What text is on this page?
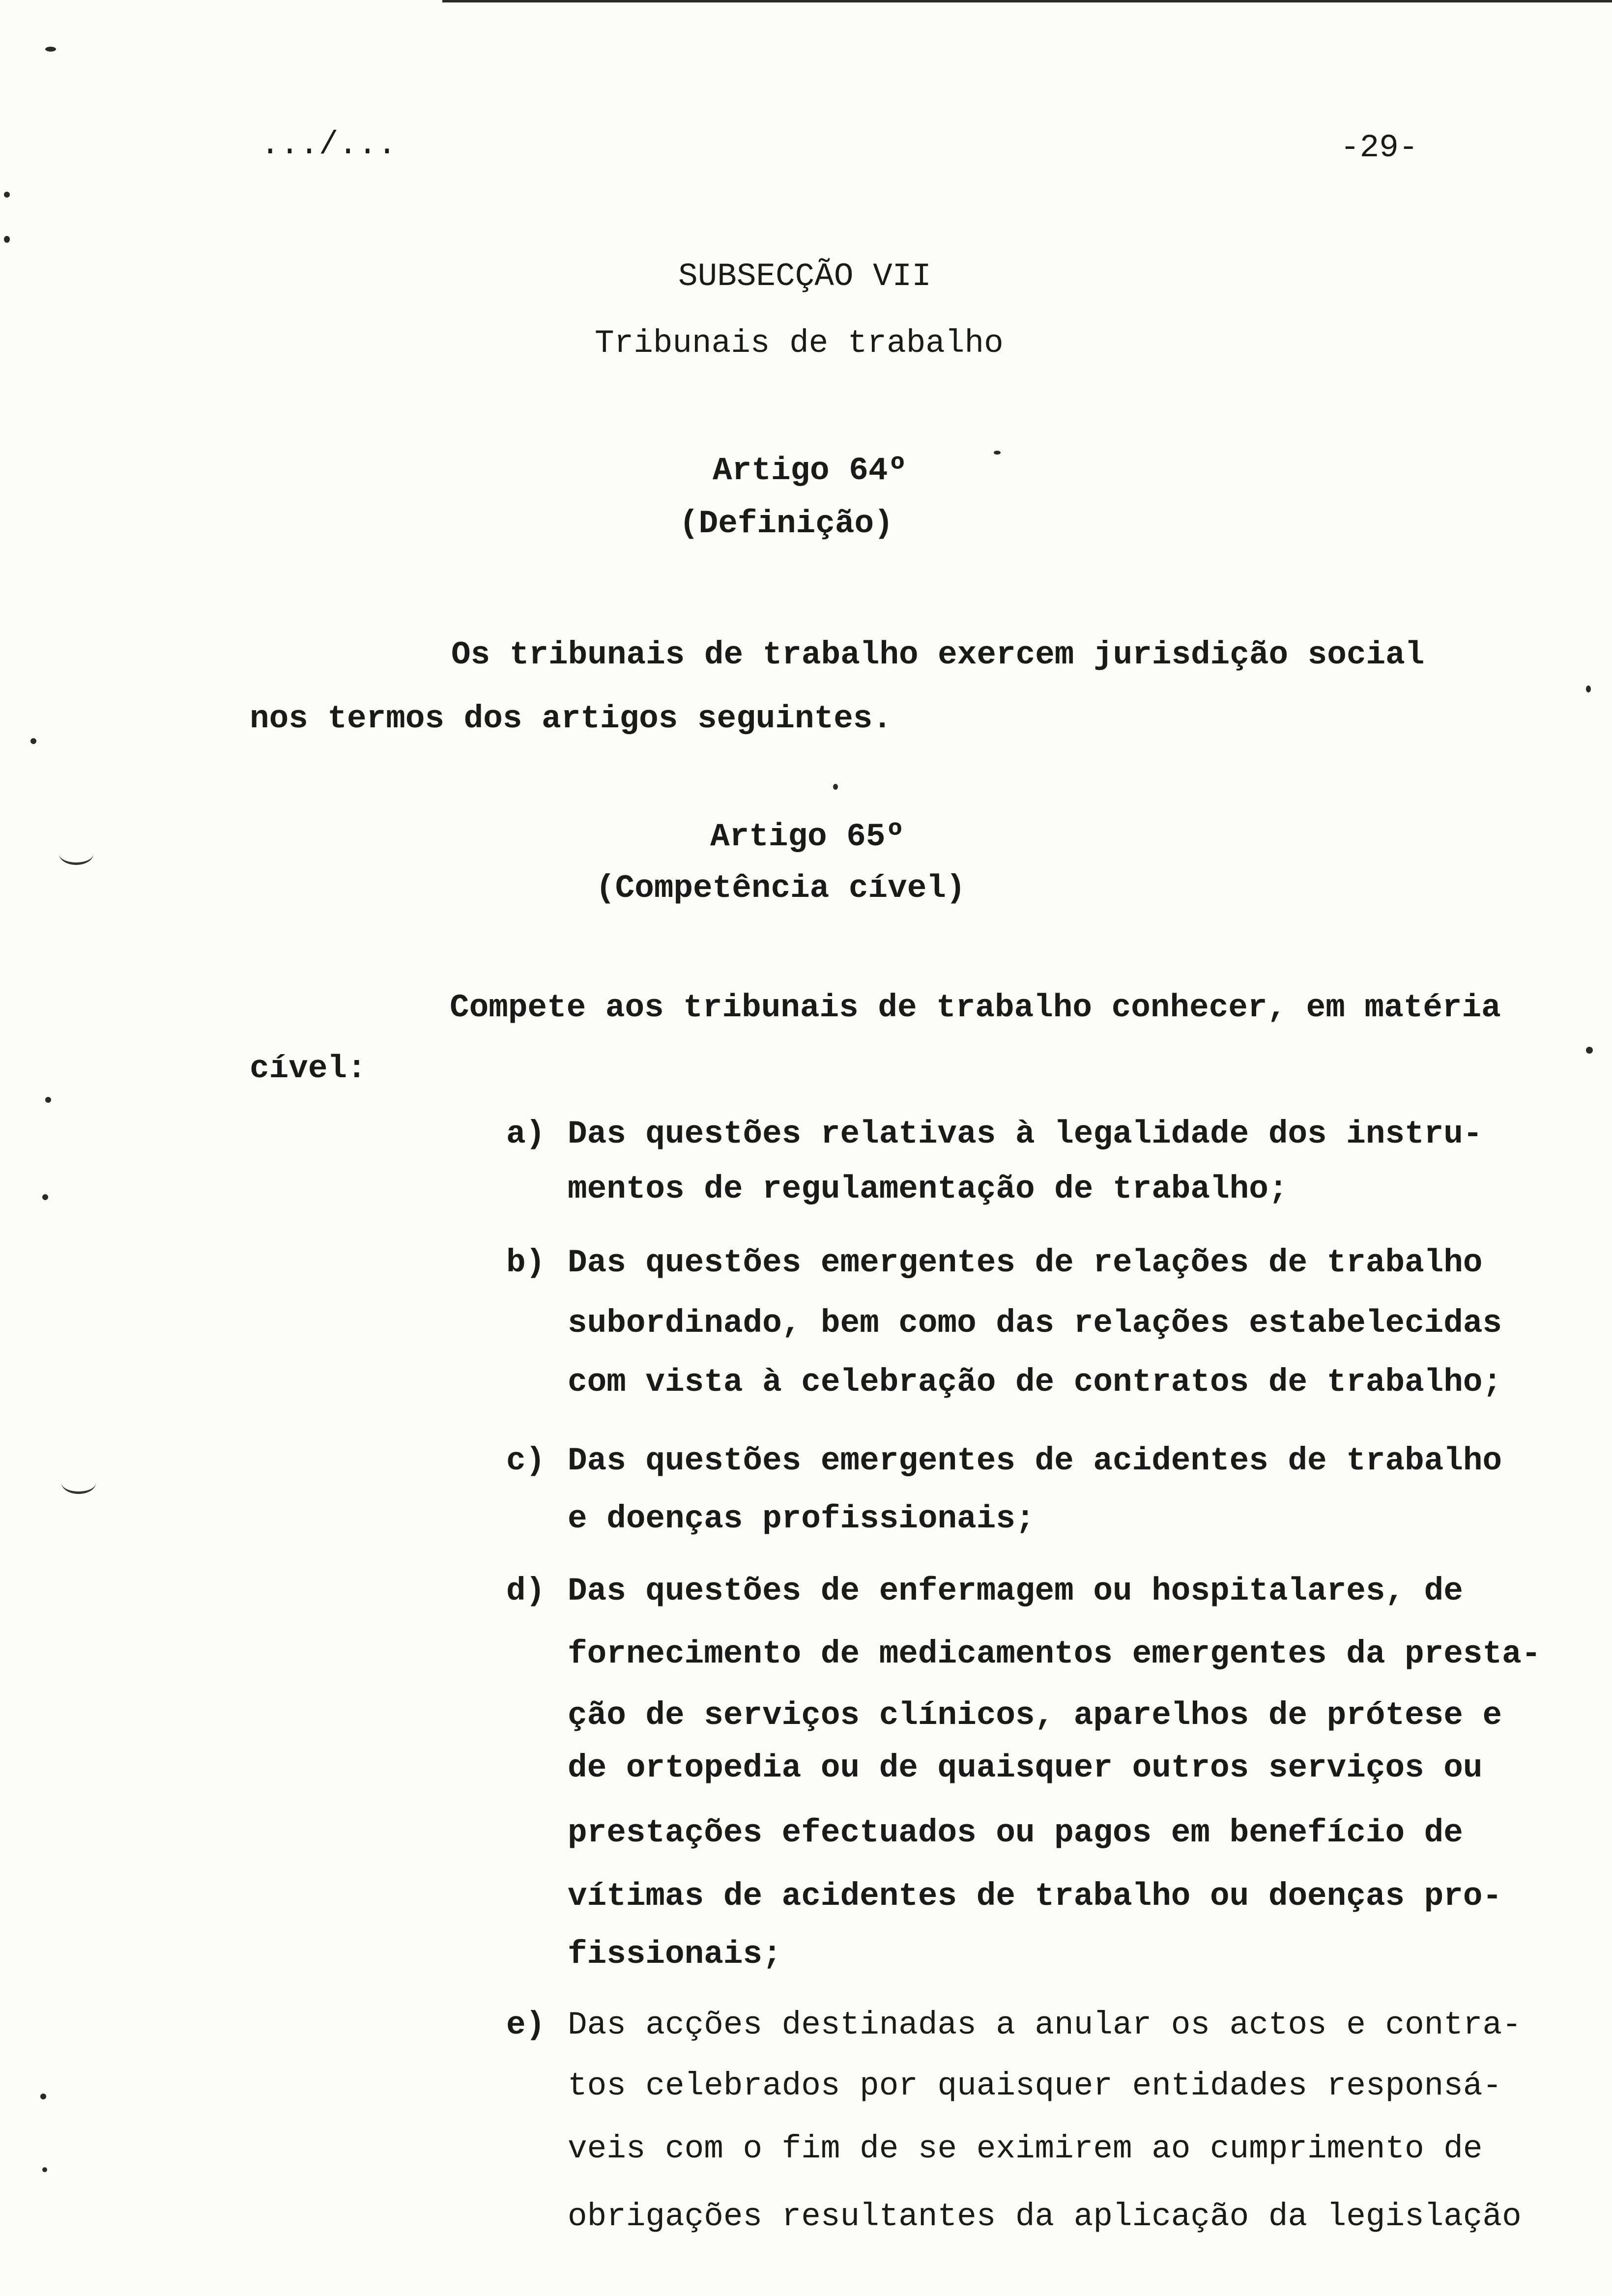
.../...	-29-
SUBSECÇÃO VII
Tribunais de trabalho
Artigo 64º
(Definição)
Os tribunais de trabalho exercem jurisdição social
nos termos dos artigos seguintes.
Artigo 65º
(Competência cível)
Compete aos tribunais de trabalho conhecer, em matéria
cível:
a) Das questões relativas à legalidade dos instru-
mentos de regulamentação de trabalho;
b) Das questões emergentes de relações de trabalho
subordinado, bem como das relações estabelecidas
com vista à celebração de contratos de trabalho;
c) Das questões emergentes de acidentes de trabalho
e doenças profissionais;
d) Das questões de enfermagem ou hospitalares, de
fornecimento de medicamentos emergentes da presta-
ção de serviços clínicos, aparelhos de prótese e
de ortopedia ou de quaisquer outros serviços ou
prestações efectuados ou pagos em benefício de
vítimas de acidentes de trabalho ou doenças pro-
fissionais;
e) Das acções destinadas a anular os actos e contra-
tos celebrados por quaisquer entidades responsá-
veis com o fim de se eximirem ao cumprimento de
obrigações resultantes da aplicação da legislação
